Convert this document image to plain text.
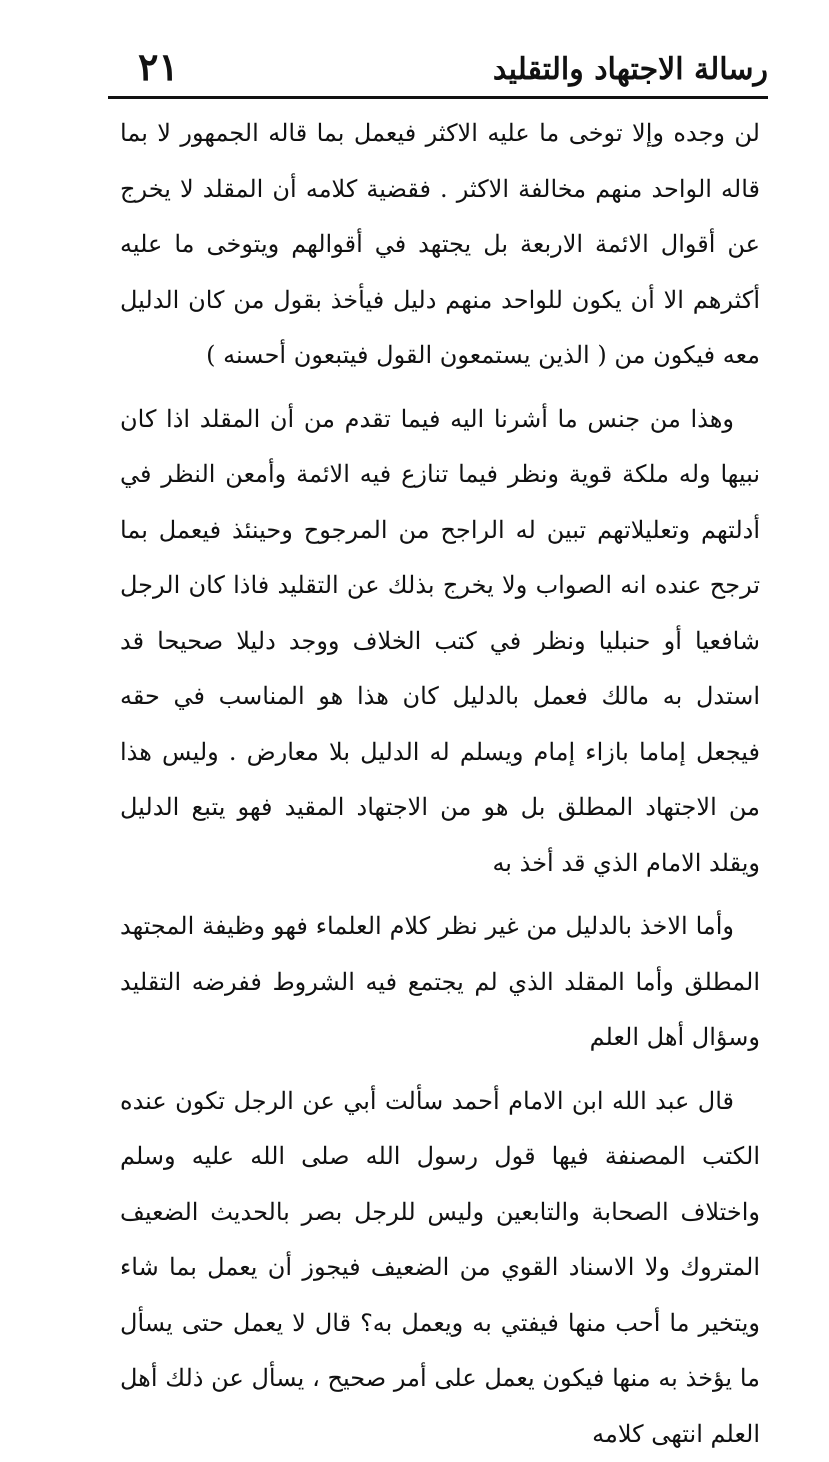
رسالة الاجتهاد والتقليد
٢١

لن وجده وإلا توخى ما عليه الاكثر فيعمل بما قاله الجمهور لا بما قاله الواحد منهم مخالفة الاكثر . فقضية كلامه أن المقلد لا يخرج عن أقوال الائمة الاربعة بل يجتهد في أقوالهم ويتوخى ما عليه أكثرهم الا أن يكون للواحد منهم دليل فيأخذ بقول من كان الدليل معه فيكون من ( الذين يستمعون القول فيتبعون أحسنه )

وهذا من جنس ما أشرنا اليه فيما تقدم من أن المقلد اذا كان نبيها وله ملكة قوية ونظر فيما تنازع فيه الائمة وأمعن النظر في أدلتهم وتعليلاتهم تبين له الراجح من المرجوح وحينئذ فيعمل بما ترجح عنده انه الصواب ولا يخرج بذلك عن التقليد فاذا كان الرجل شافعيا أو حنبليا ونظر في كتب الخلاف ووجد دليلا صحيحا قد استدل به مالك فعمل بالدليل كان هذا هو المناسب في حقه فيجعل إماما بازاء إمام ويسلم له الدليل بلا معارض . وليس هذا من الاجتهاد المطلق بل هو من الاجتهاد المقيد فهو يتبع الدليل ويقلد الامام الذي قد أخذ به

وأما الاخذ بالدليل من غير نظر كلام العلماء فهو وظيفة المجتهد المطلق وأما المقلد الذي لم يجتمع فيه الشروط ففرضه التقليد وسؤال أهل العلم

قال عبد الله ابن الامام أحمد سألت أبي عن الرجل تكون عنده الكتب المصنفة فيها قول رسول الله صلى الله عليه وسلم واختلاف الصحابة والتابعين وليس للرجل بصر بالحديث الضعيف المتروك ولا الاسناد القوي من الضعيف فيجوز أن يعمل بما شاء ويتخير ما أحب منها فيفتي به ويعمل به؟ قال لا يعمل حتى يسأل ما يؤخذ به منها فيكون يعمل على أمر صحيح ، يسأل عن ذلك أهل العلم انتهى كلامه
